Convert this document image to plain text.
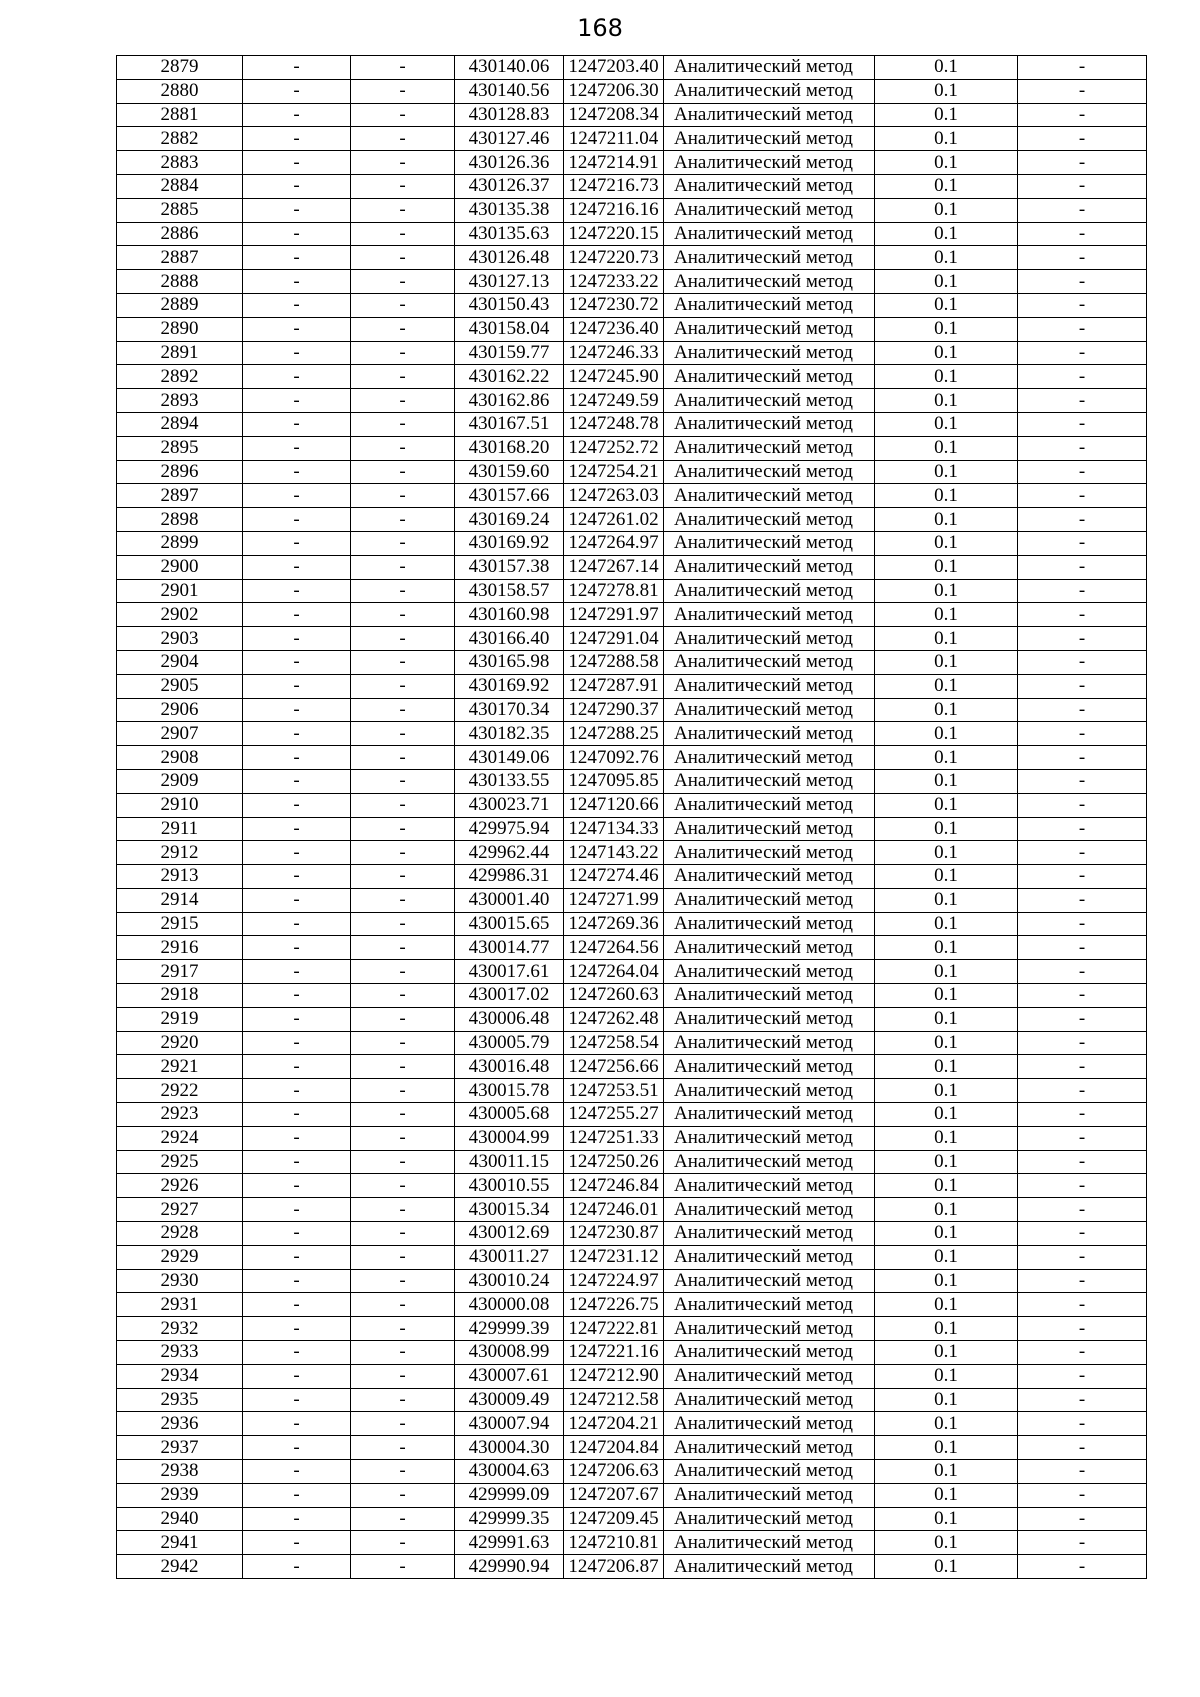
168
2879	-	-	430140.06	1247203.40	Аналитический метод	0.1	-
2880	-	-	430140.56	1247206.30	Аналитический метод	0.1	-
2881	-	-	430128.83	1247208.34	Аналитический метод	0.1	-
2882	-	-	430127.46	1247211.04	Аналитический метод	0.1	-
2883	-	-	430126.36	1247214.91	Аналитический метод	0.1	-
2884	-	-	430126.37	1247216.73	Аналитический метод	0.1	-
2885	-	-	430135.38	1247216.16	Аналитический метод	0.1	-
2886	-	-	430135.63	1247220.15	Аналитический метод	0.1	-
2887	-	-	430126.48	1247220.73	Аналитический метод	0.1	-
2888	-	-	430127.13	1247233.22	Аналитический метод	0.1	-
2889	-	-	430150.43	1247230.72	Аналитический метод	0.1	-
2890	-	-	430158.04	1247236.40	Аналитический метод	0.1	-
2891	-	-	430159.77	1247246.33	Аналитический метод	0.1	-
2892	-	-	430162.22	1247245.90	Аналитический метод	0.1	-
2893	-	-	430162.86	1247249.59	Аналитический метод	0.1	-
2894	-	-	430167.51	1247248.78	Аналитический метод	0.1	-
2895	-	-	430168.20	1247252.72	Аналитический метод	0.1	-
2896	-	-	430159.60	1247254.21	Аналитический метод	0.1	-
2897	-	-	430157.66	1247263.03	Аналитический метод	0.1	-
2898	-	-	430169.24	1247261.02	Аналитический метод	0.1	-
2899	-	-	430169.92	1247264.97	Аналитический метод	0.1	-
2900	-	-	430157.38	1247267.14	Аналитический метод	0.1	-
2901	-	-	430158.57	1247278.81	Аналитический метод	0.1	-
2902	-	-	430160.98	1247291.97	Аналитический метод	0.1	-
2903	-	-	430166.40	1247291.04	Аналитический метод	0.1	-
2904	-	-	430165.98	1247288.58	Аналитический метод	0.1	-
2905	-	-	430169.92	1247287.91	Аналитический метод	0.1	-
2906	-	-	430170.34	1247290.37	Аналитический метод	0.1	-
2907	-	-	430182.35	1247288.25	Аналитический метод	0.1	-
2908	-	-	430149.06	1247092.76	Аналитический метод	0.1	-
2909	-	-	430133.55	1247095.85	Аналитический метод	0.1	-
2910	-	-	430023.71	1247120.66	Аналитический метод	0.1	-
2911	-	-	429975.94	1247134.33	Аналитический метод	0.1	-
2912	-	-	429962.44	1247143.22	Аналитический метод	0.1	-
2913	-	-	429986.31	1247274.46	Аналитический метод	0.1	-
2914	-	-	430001.40	1247271.99	Аналитический метод	0.1	-
2915	-	-	430015.65	1247269.36	Аналитический метод	0.1	-
2916	-	-	430014.77	1247264.56	Аналитический метод	0.1	-
2917	-	-	430017.61	1247264.04	Аналитический метод	0.1	-
2918	-	-	430017.02	1247260.63	Аналитический метод	0.1	-
2919	-	-	430006.48	1247262.48	Аналитический метод	0.1	-
2920	-	-	430005.79	1247258.54	Аналитический метод	0.1	-
2921	-	-	430016.48	1247256.66	Аналитический метод	0.1	-
2922	-	-	430015.78	1247253.51	Аналитический метод	0.1	-
2923	-	-	430005.68	1247255.27	Аналитический метод	0.1	-
2924	-	-	430004.99	1247251.33	Аналитический метод	0.1	-
2925	-	-	430011.15	1247250.26	Аналитический метод	0.1	-
2926	-	-	430010.55	1247246.84	Аналитический метод	0.1	-
2927	-	-	430015.34	1247246.01	Аналитический метод	0.1	-
2928	-	-	430012.69	1247230.87	Аналитический метод	0.1	-
2929	-	-	430011.27	1247231.12	Аналитический метод	0.1	-
2930	-	-	430010.24	1247224.97	Аналитический метод	0.1	-
2931	-	-	430000.08	1247226.75	Аналитический метод	0.1	-
2932	-	-	429999.39	1247222.81	Аналитический метод	0.1	-
2933	-	-	430008.99	1247221.16	Аналитический метод	0.1	-
2934	-	-	430007.61	1247212.90	Аналитический метод	0.1	-
2935	-	-	430009.49	1247212.58	Аналитический метод	0.1	-
2936	-	-	430007.94	1247204.21	Аналитический метод	0.1	-
2937	-	-	430004.30	1247204.84	Аналитический метод	0.1	-
2938	-	-	430004.63	1247206.63	Аналитический метод	0.1	-
2939	-	-	429999.09	1247207.67	Аналитический метод	0.1	-
2940	-	-	429999.35	1247209.45	Аналитический метод	0.1	-
2941	-	-	429991.63	1247210.81	Аналитический метод	0.1	-
2942	-	-	429990.94	1247206.87	Аналитический метод	0.1	-
